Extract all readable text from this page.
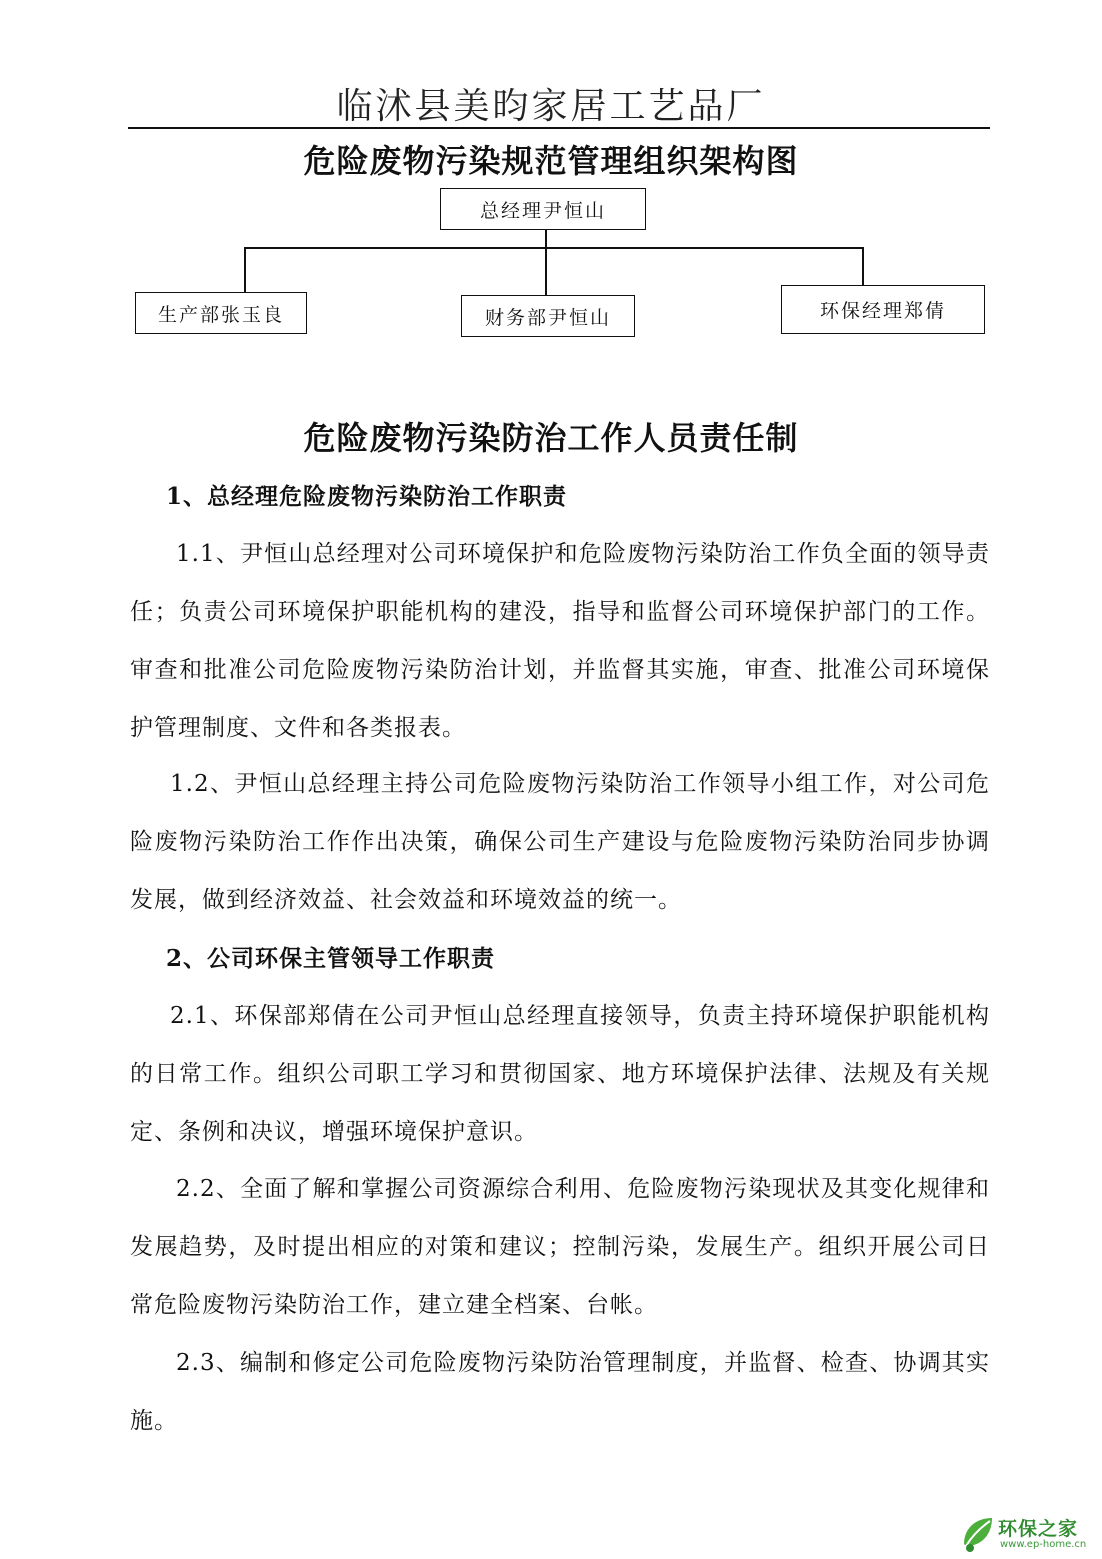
临沭县美昀家居工艺品厂
危险废物污染规范管理组织架构图
总经理尹恒山
生产部张玉良	财务部尹恒山	环保经理郑倩
危险废物污染防治工作人员责任制
1、总经理危险废物污染防治工作职责
1.1、尹恒山总经理对公司环境保护和危险废物污染防治工作负全面的领导责任；负责公司环境保护职能机构的建没，指导和监督公司环境保护部门的工作。审查和批准公司危险废物污染防治计划，并监督其实施，审查、批准公司环境保护管理制度、文件和各类报表。
1.2、尹恒山总经理主持公司危险废物污染防治工作领导小组工作，对公司危险废物污染防治工作作出决策，确保公司生产建设与危险废物污染防治同步协调发展，做到经济效益、社会效益和环境效益的统一。
2、公司环保主管领导工作职责
2.1、环保部郑倩在公司尹恒山总经理直接领导，负责主持环境保护职能机构的日常工作。组织公司职工学习和贯彻国家、地方环境保护法律、法规及有关规定、条例和决议，增强环境保护意识。
2.2、全面了解和掌握公司资源综合利用、危险废物污染现状及其变化规律和发展趋势，及时提出相应的对策和建议；控制污染，发展生产。组织开展公司日常危险废物污染防治工作，建立建全档案、台帐。
2.3、编制和修定公司危险废物污染防治管理制度，并监督、检查、协调其实施。
环保之家
www.ep-home.cn
